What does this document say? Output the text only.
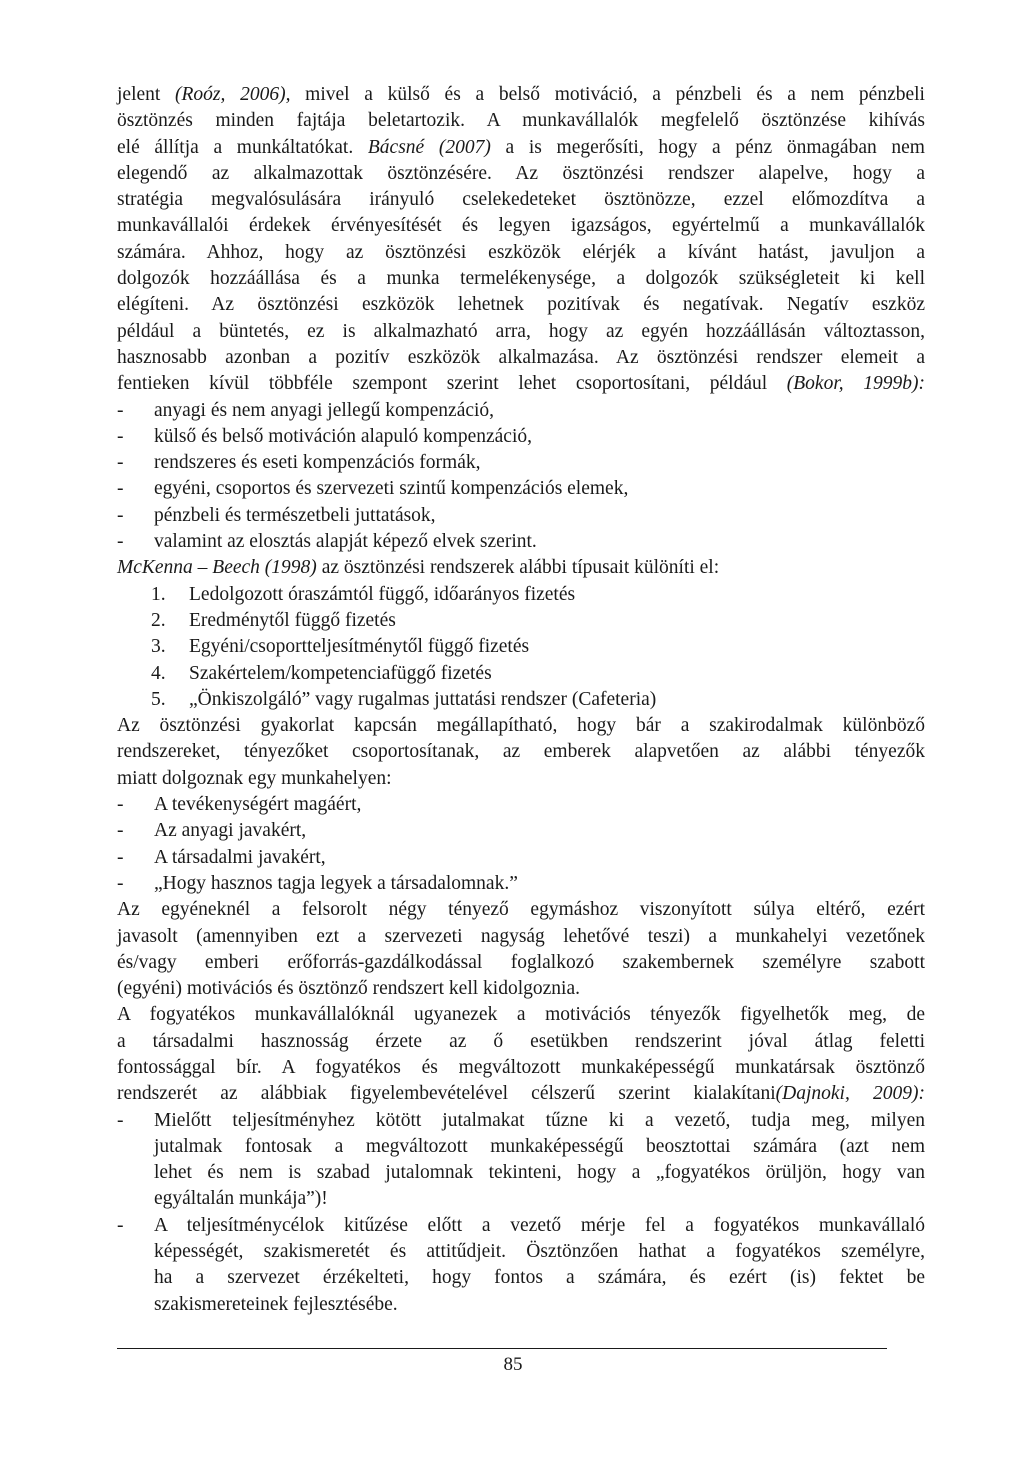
jelent (Roóz, 2006), mivel a külső és a belső motiváció, a pénzbeli és a nem pénzbeli
ösztönzés minden fajtája beletartozik. A munkavállalók megfelelő ösztönzése kihívás
elé állítja a munkáltatókat. Bácsné (2007) a is megerősíti, hogy a pénz önmagában nem
elegendő az alkalmazottak ösztönzésére. Az ösztönzési rendszer alapelve, hogy a
stratégia megvalósulására irányuló cselekedeteket ösztönözze, ezzel előmozdítva a
munkavállalói érdekek érvényesítését és legyen igazságos, egyértelmű a munkavállalók
számára. Ahhoz, hogy az ösztönzési eszközök elérjék a kívánt hatást, javuljon a
dolgozók hozzáállása és a munka termelékenysége, a dolgozók szükségleteit ki kell
elégíteni. Az ösztönzési eszközök lehetnek pozitívak és negatívak. Negatív eszköz
például a büntetés, ez is alkalmazható arra, hogy az egyén hozzáállásán változtasson,
hasznosabb azonban a pozitív eszközök alkalmazása. Az ösztönzési rendszer elemeit a
fentieken kívül többféle szempont szerint lehet csoportosítani, például (Bokor, 1999b):
-	anyagi és nem anyagi jellegű kompenzáció,
-	külső és belső motiváción alapuló kompenzáció,
-	rendszeres és eseti kompenzációs formák,
-	egyéni, csoportos és szervezeti szintű kompenzációs elemek,
-	pénzbeli és természetbeli juttatások,
-	valamint az elosztás alapját képező elvek szerint.
McKenna – Beech (1998) az ösztönzési rendszerek alábbi típusait különíti el:
1. Ledolgozott óraszámtól függő, időarányos fizetés
2. Eredménytől függő fizetés
3. Egyéni/csoportteljesítménytől függő fizetés
4. Szakértelem/kompetenciafüggő fizetés
5. „Önkiszolgáló” vagy rugalmas juttatási rendszer (Cafeteria)
Az ösztönzési gyakorlat kapcsán megállapítható, hogy bár a szakirodalmak különböző
rendszereket, tényezőket csoportosítanak, az emberek alapvetően az alábbi tényezők
miatt dolgoznak egy munkahelyen:
-	A tevékenységért magáért,
-	Az anyagi javakért,
-	A társadalmi javakért,
-	„Hogy hasznos tagja legyek a társadalomnak.”
Az egyéneknél a felsorolt négy tényező egymáshoz viszonyított súlya eltérő, ezért
javasolt (amennyiben ezt a szervezeti nagyság lehetővé teszi) a munkahelyi vezetőnek
és/vagy emberi erőforrás-gazdálkodással foglalkozó szakembernek személyre szabott
(egyéni) motivációs és ösztönző rendszert kell kidolgoznia.
A fogyatékos munkavállalóknál ugyanezek a motivációs tényezők figyelhetők meg, de
a társadalmi hasznosság érzete az ő esetükben rendszerint jóval átlag feletti
fontossággal bír. A fogyatékos és megváltozott munkaképességű munkatársak ösztönző
rendszerét az alábbiak figyelembevételével célszerű szerint kialakítani(Dajnoki, 2009):
-	Mielőtt teljesítményhez kötött jutalmakat tűzne ki a vezető, tudja meg, milyen
jutalmak fontosak a megváltozott munkaképességű beosztottai számára (azt nem
lehet és nem is szabad jutalomnak tekinteni, hogy a „fogyatékos örüljön, hogy van
egyáltalán munkája”)!
-	A teljesítménycélok kitűzése előtt a vezető mérje fel a fogyatékos munkavállaló
képességét, szakismeretét és attitűdjeit. Ösztönzően hathat a fogyatékos személyre,
ha a szervezet érzékelteti, hogy fontos a számára, és ezért (is) fektet be
szakismereteinek fejlesztésébe.
85
